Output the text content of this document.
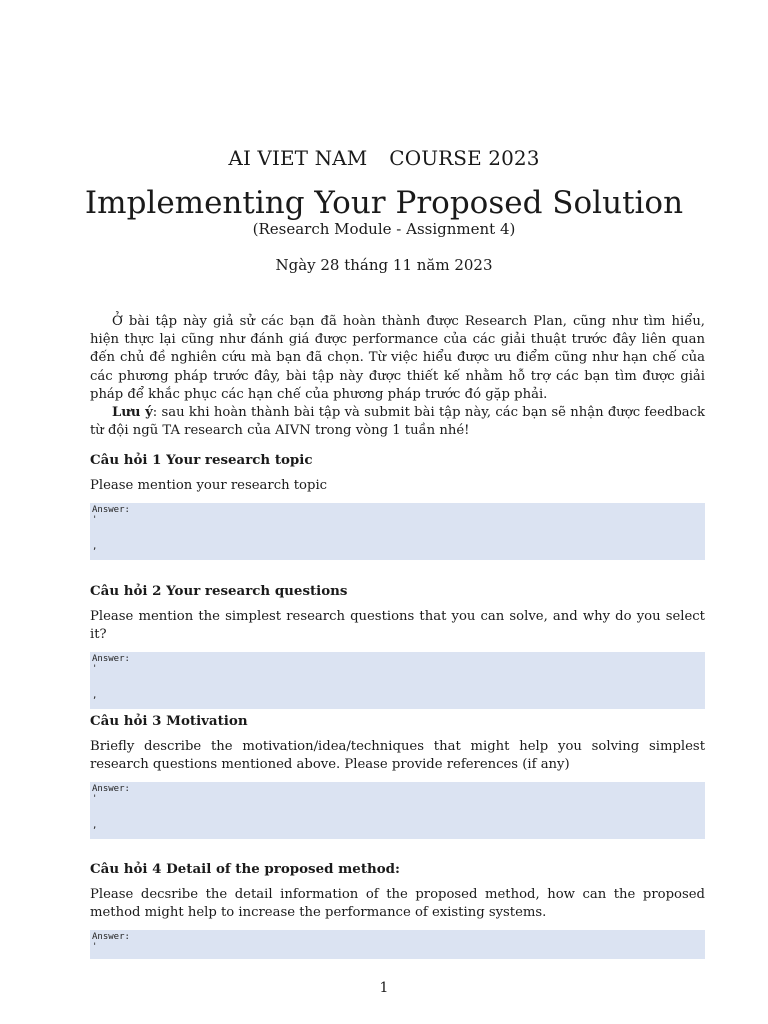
AI VIET NAM COURSE 2023
Implementing Your Proposed Solution
(Research Module - Assignment 4)
Ngày 28 tháng 11 năm 2023

Ở bài tập này giả sử các bạn đã hoàn thành được Research Plan, cũng như tìm hiểu, hiện thực lại cũng như đánh giá được performance của các giải thuật trước đây liên quan đến chủ đề nghiên cứu mà bạn đã chọn. Từ việc hiểu được ưu điểm cũng như hạn chế của các phương pháp trước đây, bài tập này được thiết kế nhằm hỗ trợ các bạn tìm được giải pháp để khắc phục các hạn chế của phương pháp trước đó gặp phải.

Lưu ý: sau khi hoàn thành bài tập và submit bài tập này, các bạn sẽ nhận được feedback từ đội ngũ TA research của AIVN trong vòng 1 tuần nhé!

Câu hỏi 1 Your research topic
Please mention your research topic
Answer:
'
,
Câu hỏi 2 Your research questions
Please mention the simplest research questions that you can solve, and why do you select it?
Answer:
'
,
Câu hỏi 3 Motivation
Briefly describe the motivation/idea/techniques that might help you solving simplest research questions mentioned above. Please provide references (if any)
Answer:
'
,
Câu hỏi 4 Detail of the proposed method:
Please decsribe the detail information of the proposed method, how can the proposed method might help to increase the performance of existing systems.
Answer:
'
1
